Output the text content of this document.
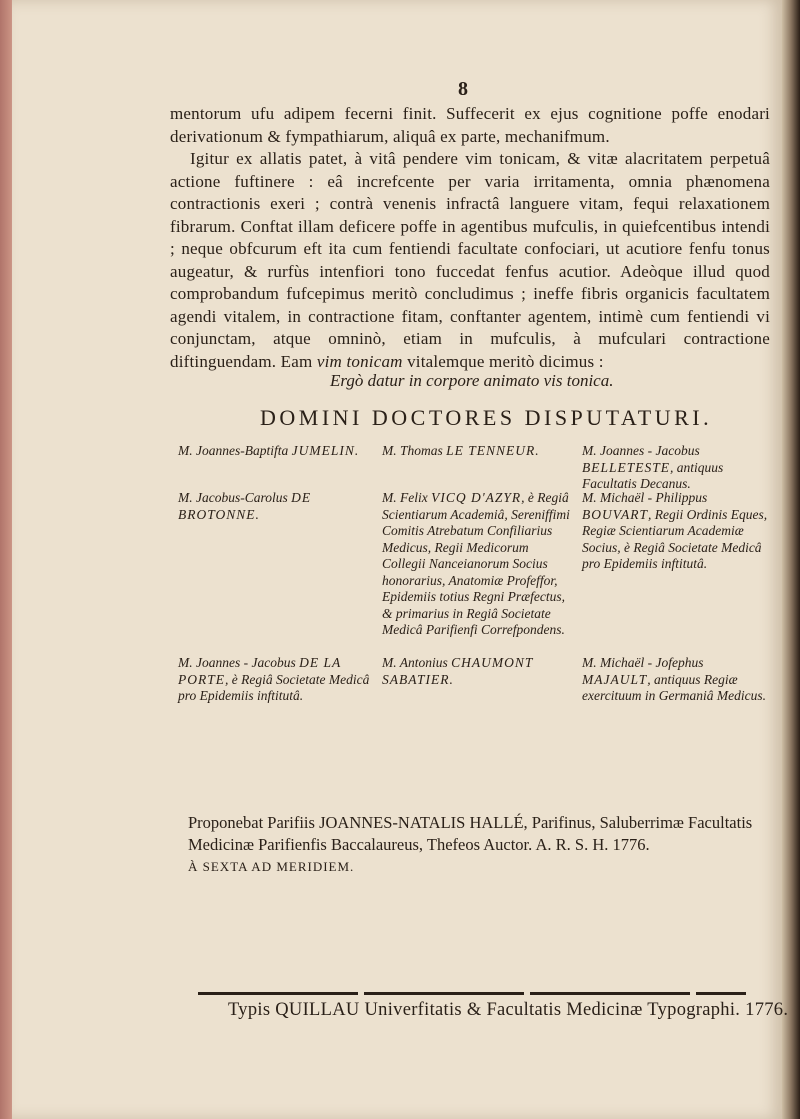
8

mentorum ufu adipem fecerni finit. Suffecerit ex ejus cognitione poffe enodari derivationum & fympathiarum, aliquâ ex parte, mechanifmum.

Igitur ex allatis patet, à vitâ pendere vim tonicam, & vitæ alacritatem perpetuâ actione fuftinere : eâ increfcente per varia irritamenta, omnia phænomena contractionis exeri ; contrà venenis infractâ languere vitam, fequi relaxationem fibrarum. Conftat illam deficere poffe in agentibus mufculis, in quiefcentibus intendi ; neque obfcurum eft ita cum fentiendi facultate confociari, ut acutiore fenfu tonus augeatur, & rurfùs intenfiori tono fuccedat fenfus acutior. Adeòque illud quod comprobandum fufcepimus meritò concludimus ; ineffe fibris organicis facultatem agendi vitalem, in contractione fitam, conftanter agentem, intimè cum fentiendi vi conjunctam, atque omninò, etiam in mufculis, à mufculari contractione diftinguendam. Eam vim tonicam vitalemque meritò dicimus :

Ergò datur in corpore animato vis tonica.
DOMINI DOCTORES DISPUTATURI.
M. Joannes-Baptifta JUMELIN.	M. Thomas LE TENNEUR.	M. Joannes - Jacobus BELLETESTE, antiquus Facultatis Decanus.
M. Jacobus-Carolus DE BROTONNE.
M. Felix VICQ D'AZYR, è Regiâ Scientiarum Academiâ, Sereniffimi Comitis Atrebatum Confiliarius Medicus, Regii Medicorum Collegii Nanceianorum Socius honorarius, Anatomiæ Profeffor, Epidemiis totius Regni Præfectus, & primarius in Regiâ Societate Medicâ Parifienfi Correfpondens.
M. Michaël - Philippus BOUVART, Regii Ordinis Eques, Regiæ Scientiarum Academiæ Socius, è Regiâ Societate Medicâ pro Epidemiis inftitutâ.
M. Joannes - Jacobus DE LA PORTE, è Regiâ Societate Medicâ pro Epidemiis inftitutâ.
M. Antonius CHAUMONT SABATIER.
M. Michaël - Jofephus MAJAULT, antiquus Regiæ exercituum in Germaniâ Medicus.
Proponebat Parifiis JOANNES-NATALIS HALLÉ, Parifinus, Saluberrimæ Facultatis Medicinæ Parifienfis Baccalaureus, Thefeos Auctor. A. R. S. H. 1776.
À SEXTA AD MERIDIEM.
Typis QUILLAU Univerfitatis & Facultatis Medicinæ Typographi. 1776.
